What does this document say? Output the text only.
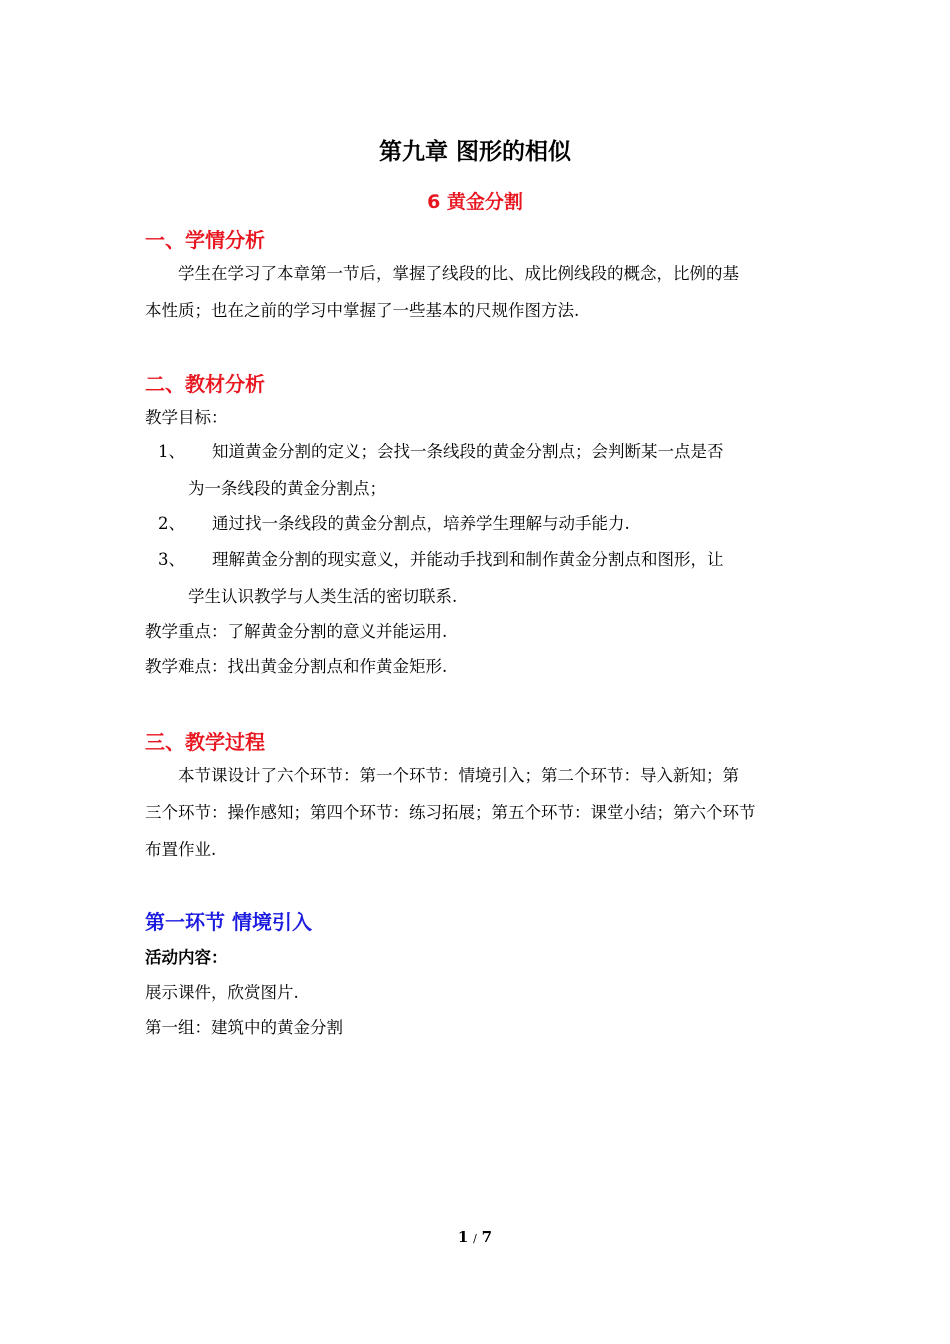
第九章 图形的相似
6 黄金分割
一、学情分析
学生在学习了本章第一节后，掌握了线段的比、成比例线段的概念，比例的基
本性质；也在之前的学习中掌握了一些基本的尺规作图方法.
二、教材分析
教学目标：
1、 知道黄金分割的定义；会找一条线段的黄金分割点；会判断某一点是否
为一条线段的黄金分割点；
2、 通过找一条线段的黄金分割点，培养学生理解与动手能力.
3、 理解黄金分割的现实意义，并能动手找到和制作黄金分割点和图形，让
学生认识教学与人类生活的密切联系.
教学重点：了解黄金分割的意义并能运用.
教学难点：找出黄金分割点和作黄金矩形.
三、教学过程
本节课设计了六个环节：第一个环节：情境引入；第二个环节：导入新知；第
三个环节：操作感知；第四个环节：练习拓展；第五个环节：课堂小结；第六个环节
布置作业.
第一环节 情境引入
活动内容：
展示课件，欣赏图片.
第一组：建筑中的黄金分割
1 / 7
